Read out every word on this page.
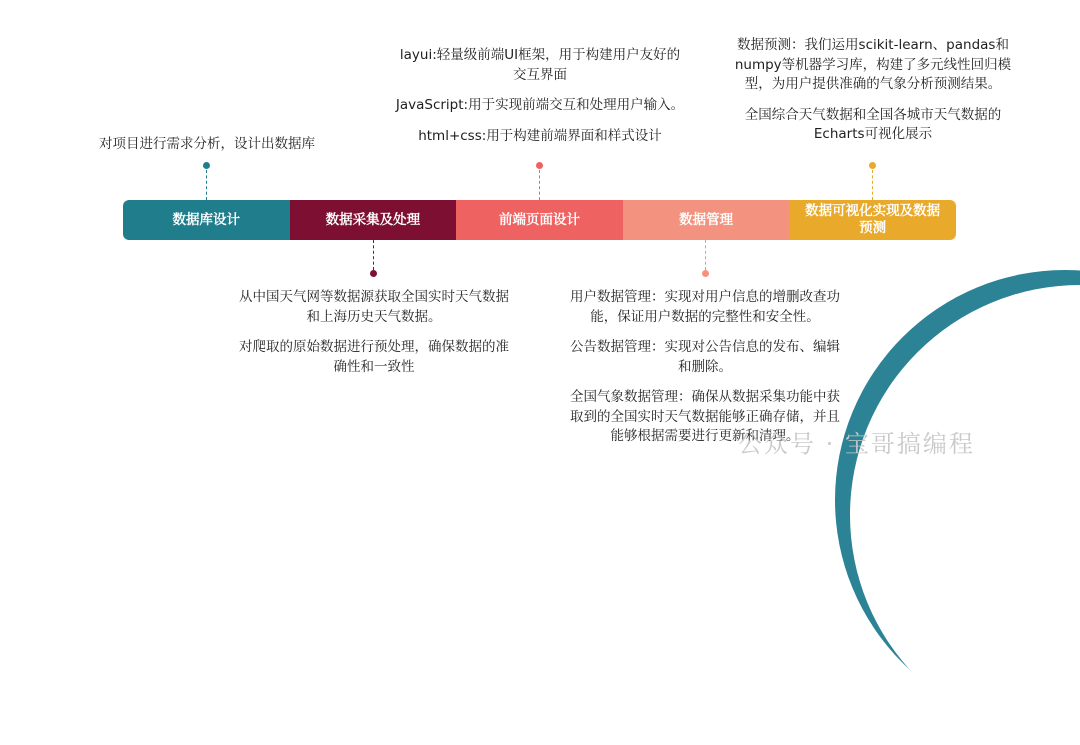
数据库设计	数据采集及处理	前端页面设计	数据管理
数据可视化实现及数据预测

对项目进行需求分析，设计出数据库

从中国天气网等数据源获取全国实时天气数据和上海历史天气数据。

对爬取的原始数据进行预处理，确保数据的准确性和一致性

layui:轻量级前端UI框架，用于构建用户友好的交互界面

JavaScript:用于实现前端交互和处理用户输入。

html+css:用于构建前端界面和样式设计

用户数据管理：实现对用户信息的增删改查功能，保证用户数据的完整性和安全性。

公告数据管理：实现对公告信息的发布、编辑和删除。

全国气象数据管理：确保从数据采集功能中获取到的全国实时天气数据能够正确存储，并且能够根据需要进行更新和清理。

数据预测：我们运用scikit-learn、pandas和numpy等机器学习库，构建了多元线性回归模型，为用户提供准确的气象分析预测结果。

全国综合天气数据和全国各城市天气数据的Echarts可视化展示

公众号 · 宝哥搞编程
